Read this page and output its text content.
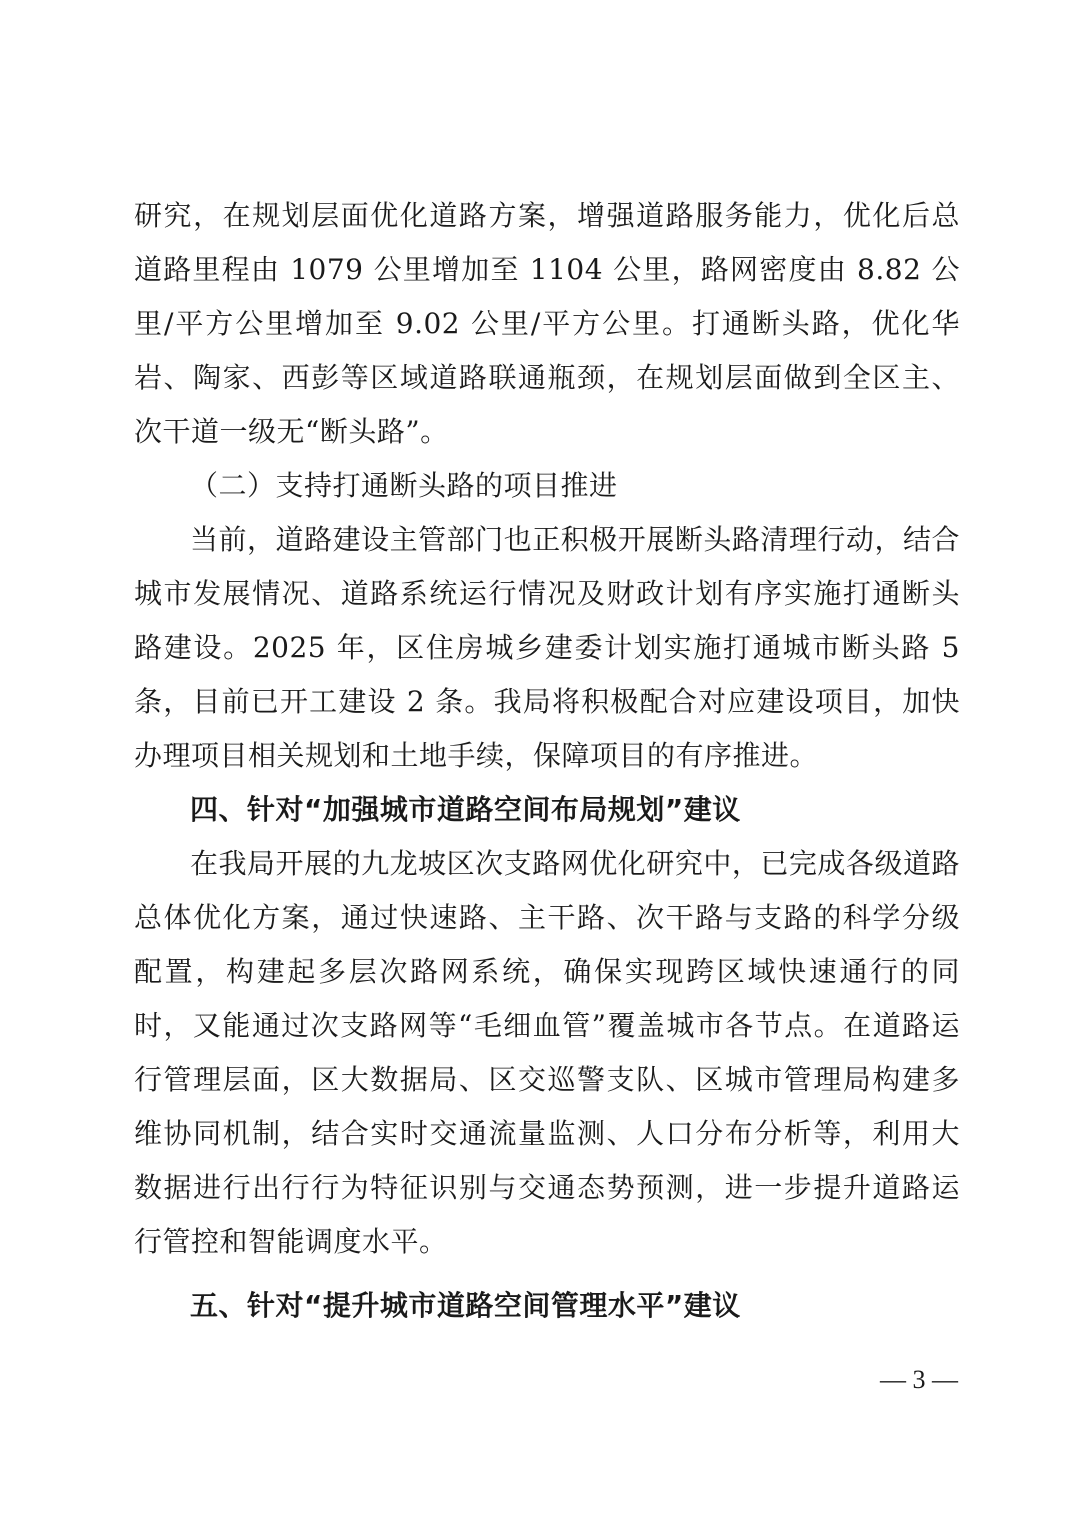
研究，在规划层面优化道路方案，增强道路服务能力，优化后总道路里程由 1079 公里增加至 1104 公里，路网密度由 8.82 公里/平方公里增加至 9.02 公里/平方公里。打通断头路，优化华岩、陶家、西彭等区域道路联通瓶颈，在规划层面做到全区主、次干道一级无“断头路”。

（二）支持打通断头路的项目推进

当前，道路建设主管部门也正积极开展断头路清理行动，结合城市发展情况、道路系统运行情况及财政计划有序实施打通断头路建设。2025 年，区住房城乡建委计划实施打通城市断头路 5 条，目前已开工建设 2 条。我局将积极配合对应建设项目，加快办理项目相关规划和土地手续，保障项目的有序推进。

四、针对“加强城市道路空间布局规划”建议

在我局开展的九龙坡区次支路网优化研究中，已完成各级道路总体优化方案，通过快速路、主干路、次干路与支路的科学分级配置，构建起多层次路网系统，确保实现跨区域快速通行的同时，又能通过次支路网等“毛细血管”覆盖城市各节点。在道路运行管理层面，区大数据局、区交巡警支队、区城市管理局构建多维协同机制，结合实时交通流量监测、人口分布分析等，利用大数据进行出行行为特征识别与交通态势预测，进一步提升道路运行管控和智能调度水平。

五、针对“提升城市道路空间管理水平”建议

— 3 —
